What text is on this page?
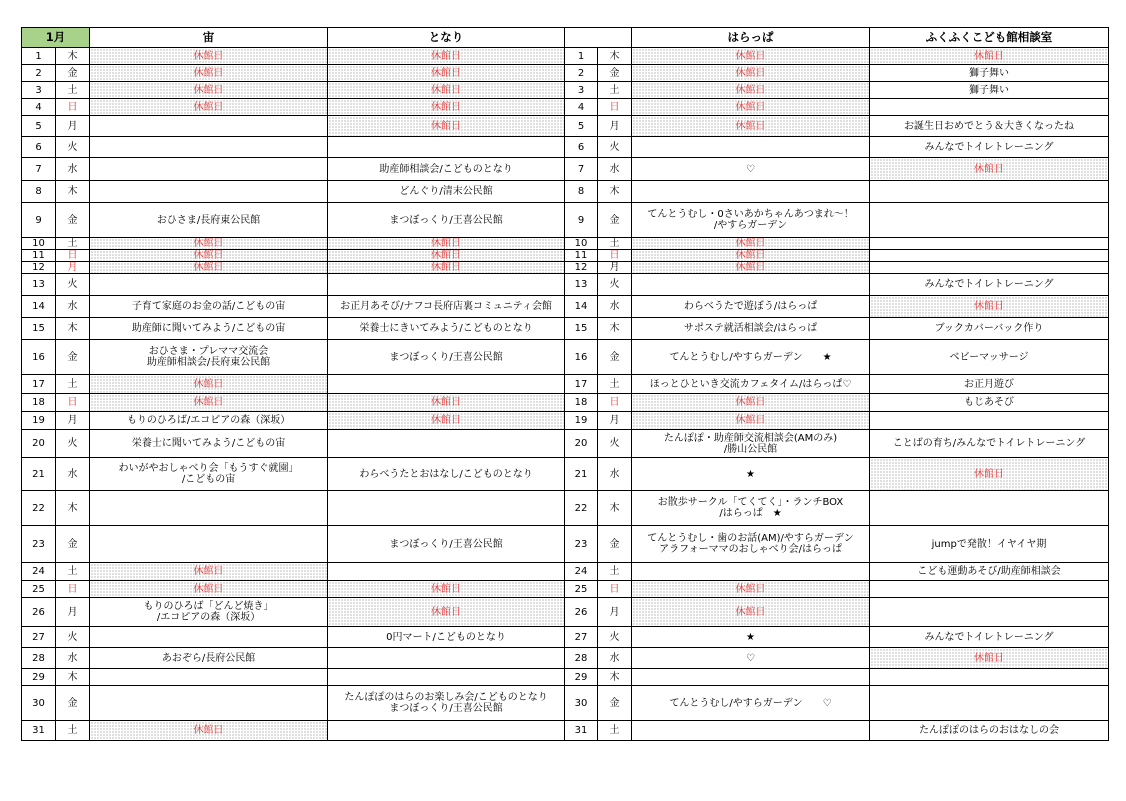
1月		宙	となり			はらっぱ	ふくふくこども館相談室
1	木	休館日	休館日	1	木	休館日	休館日
2	金	休館日	休館日	2	金	休館日	獅子舞い
3	土	休館日	休館日	3	土	休館日	獅子舞い
4	日	休館日	休館日	4	日	休館日	
5	月		休館日	5	月	休館日	お誕生日おめでとう＆大きくなったね
6	火			6	火		みんなでトイレトレーニング
7	水		助産師相談会/こどものとなり	7	水	♡	休館日
8	木		どんぐり/清末公民館	8	木		
9	金	おひさま/長府東公民館	まつぼっくり/王喜公民館	9	金	てんとうむし・0さいあかちゃんあつまれ～！
/やすらガーデン	
10	土	休館日	休館日	10	土	休館日	
11	日	休館日	休館日	11	日	休館日	
12	月	休館日	休館日	12	月	休館日	
13	火			13	火		みんなでトイレトレーニング
14	水	子育て家庭のお金の話/こどもの宙	お正月あそび/ナフコ長府店裏コミュニティ会館	14	水	わらべうたで遊ぼう/はらっぱ	休館日
15	木	助産師に聞いてみよう/こどもの宙	栄養士にきいてみよう/こどものとなり	15	木	サポステ就活相談会/はらっぱ	ブックカバーバック作り
16	金	おひさま・プレママ交流会
助産師相談会/長府東公民館	まつぼっくり/王喜公民館	16	金	てんとうむし/やすらガーデン　　★	ベビーマッサージ
17	土	休館日		17	土	ほっとひといき交流カフェタイム/はらっぱ♡	お正月遊び
18	日	休館日	休館日	18	日	休館日	もじあそび
19	月	もりのひろば/エコピアの森（深坂）	休館日	19	月	休館日	
20	火	栄養士に聞いてみよう/こどもの宙		20	火	たんぽぽ・助産師交流相談会(AMのみ)
/勝山公民館	ことばの育ち/みんなでトイレトレーニング
21	水	わいがやおしゃべり会「もうすぐ就園」
/こどもの宙	わらべうたとおはなし/こどものとなり	21	水	★	休館日
22	木			22	木	お散歩サークル「てくてく」・ランチBOX
/はらっぱ　★	
23	金		まつぼっくり/王喜公民館	23	金	てんとうむし・歯のお話(AM)/やすらガーデン
アラフォーママのおしゃべり会/はらっぱ	jumpで発散！イヤイヤ期
24	土	休館日		24	土		こども運動あそび/助産師相談会
25	日	休館日	休館日	25	日	休館日	
26	月	もりのひろば「どんど焼き」
/エコピアの森（深坂）	休館日	26	月	休館日	
27	火		0円マート/こどものとなり	27	火	★	みんなでトイレトレーニング
28	水	あおぞら/長府公民館		28	水	♡	休館日
29	木			29	木		
30	金		たんぽぽのはらのお楽しみ会/こどものとなり
まつぼっくり/王喜公民館	30	金	てんとうむし/やすらガーデン　　♡	
31	土	休館日		31	土		たんぽぽのはらのおはなしの会
